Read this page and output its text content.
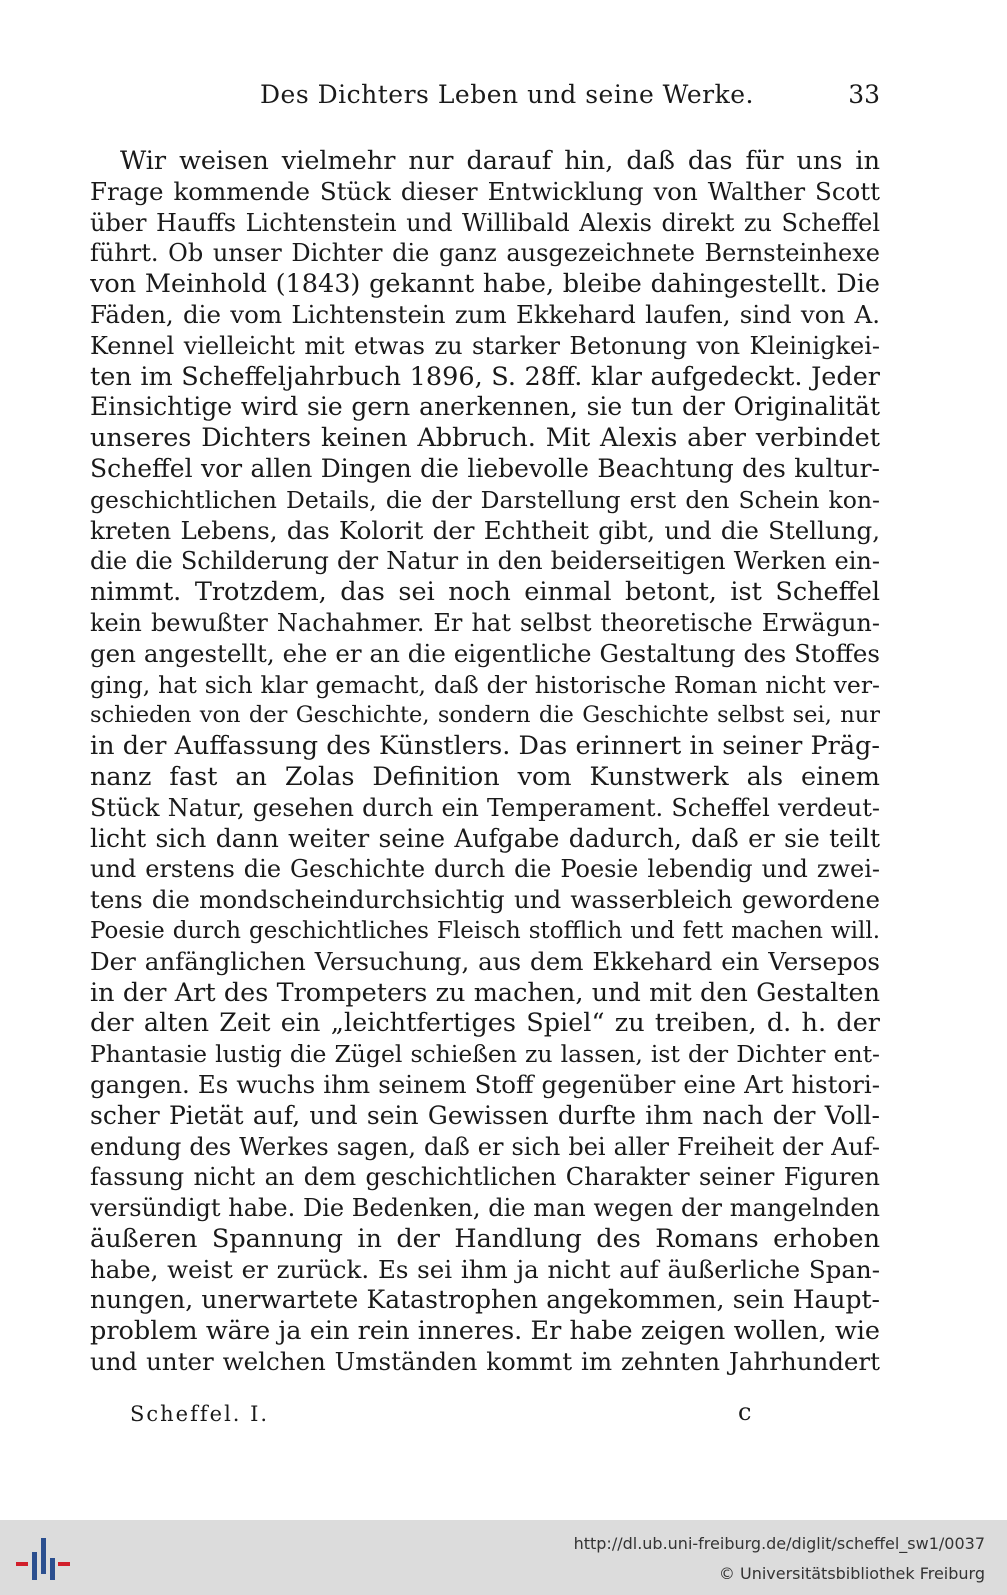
Des Dichters Leben und seine Werke.	33
Wir weisen vielmehr nur darauf hin, daß das für uns in
Frage kommende Stück dieser Entwicklung von Walther Scott
über Hauffs Lichtenstein und Willibald Alexis direkt zu Scheffel
führt. Ob unser Dichter die ganz ausgezeichnete Bernsteinhexe
von Meinhold (1843) gekannt habe, bleibe dahingestellt. Die
Fäden, die vom Lichtenstein zum Ekkehard laufen, sind von A.
Kennel vielleicht mit etwas zu starker Betonung von Kleinigkei-
ten im Scheffeljahrbuch 1896, S. 28ff. klar aufgedeckt. Jeder
Einsichtige wird sie gern anerkennen, sie tun der Originalität
unseres Dichters keinen Abbruch. Mit Alexis aber verbindet
Scheffel vor allen Dingen die liebevolle Beachtung des kultur-
geschichtlichen Details, die der Darstellung erst den Schein kon-
kreten Lebens, das Kolorit der Echtheit gibt, und die Stellung,
die die Schilderung der Natur in den beiderseitigen Werken ein-
nimmt. Trotzdem, das sei noch einmal betont, ist Scheffel
kein bewußter Nachahmer. Er hat selbst theoretische Erwägun-
gen angestellt, ehe er an die eigentliche Gestaltung des Stoffes
ging, hat sich klar gemacht, daß der historische Roman nicht ver-
schieden von der Geschichte, sondern die Geschichte selbst sei, nur
in der Auffassung des Künstlers. Das erinnert in seiner Präg-
nanz fast an Zolas Definition vom Kunstwerk als einem
Stück Natur, gesehen durch ein Temperament. Scheffel verdeut-
licht sich dann weiter seine Aufgabe dadurch, daß er sie teilt
und erstens die Geschichte durch die Poesie lebendig und zwei-
tens die mondscheindurchsichtig und wasserbleich gewordene
Poesie durch geschichtliches Fleisch stofflich und fett machen will.
Der anfänglichen Versuchung, aus dem Ekkehard ein Versepos
in der Art des Trompeters zu machen, und mit den Gestalten
der alten Zeit ein „leichtfertiges Spiel“ zu treiben, d. h. der
Phantasie lustig die Zügel schießen zu lassen, ist der Dichter ent-
gangen. Es wuchs ihm seinem Stoff gegenüber eine Art histori-
scher Pietät auf, und sein Gewissen durfte ihm nach der Voll-
endung des Werkes sagen, daß er sich bei aller Freiheit der Auf-
fassung nicht an dem geschichtlichen Charakter seiner Figuren
versündigt habe. Die Bedenken, die man wegen der mangelnden
äußeren Spannung in der Handlung des Romans erhoben
habe, weist er zurück. Es sei ihm ja nicht auf äußerliche Span-
nungen, unerwartete Katastrophen angekommen, sein Haupt-
problem wäre ja ein rein inneres. Er habe zeigen wollen, wie
und unter welchen Umständen kommt im zehnten Jahrhundert
Scheffel. I.	c
http://dl.ub.uni-freiburg.de/diglit/scheffel_sw1/0037
© Universitätsbibliothek Freiburg
